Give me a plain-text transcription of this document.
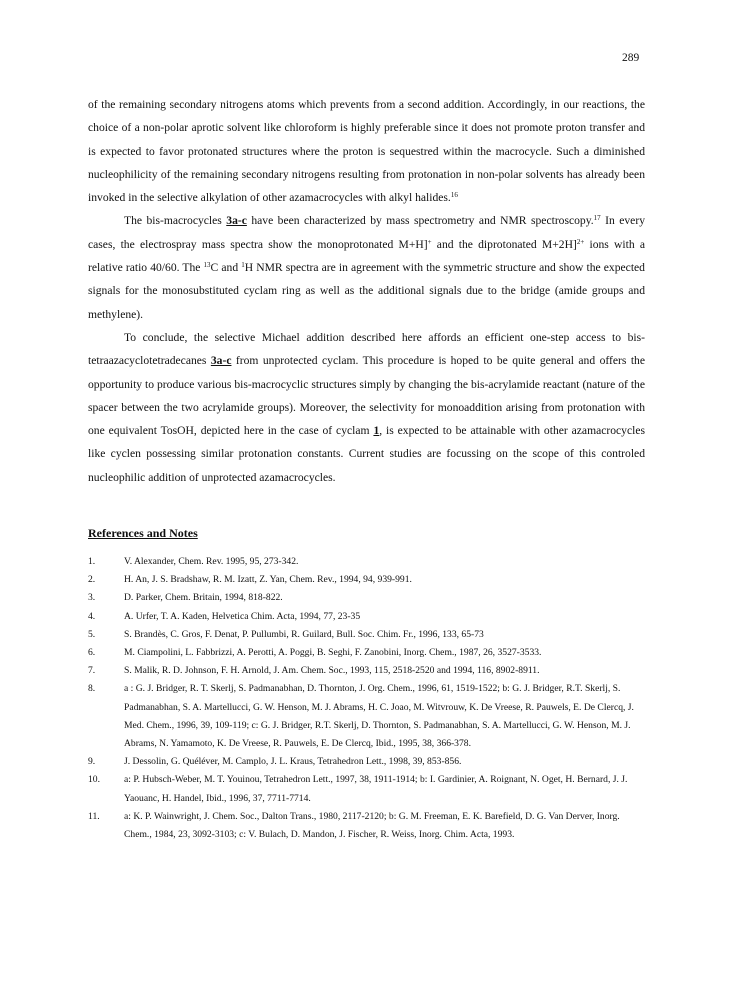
289

of the remaining secondary nitrogens atoms which prevents from a second addition. Accordingly, in our reactions, the choice of a non-polar aprotic solvent like chloroform is highly preferable since it does not promote proton transfer and is expected to favor protonated structures where the proton is sequestred within the macrocycle. Such a diminished nucleophilicity of the remaining secondary nitrogens resulting from protonation in non-polar solvents has already been invoked in the selective alkylation of other azamacrocycles with alkyl halides.$^{16}$

The bis-macrocycles 3a-c have been characterized by mass spectrometry and NMR spectroscopy.$^{17}$ In every cases, the electrospray mass spectra show the monoprotonated M+H]+ and the diprotonated M+2H]$^{2+}$ ions with a relative ratio 40/60. The $^{13}$C and $^1$H NMR spectra are in agreement with the symmetric structure and show the expected signals for the monosubstituted cyclam ring as well as the additional signals due to the bridge (amide groups and methylene).

To conclude, the selective Michael addition described here affords an efficient one-step access to bis-tetraazacyclotetradecanes 3a-c from unprotected cyclam. This procedure is hoped to be quite general and offers the opportunity to produce various bis-macrocyclic structures simply by changing the bis-acrylamide reactant (nature of the spacer between the two acrylamide groups). Moreover, the selectivity for monoaddition arising from protonation with one equivalent TosOH, depicted here in the case of cyclam 1, is expected to be attainable with other azamacrocycles like cyclen possessing similar protonation constants. Current studies are focussing on the scope of this controled nucleophilic addition of unprotected azamacrocycles.

References and Notes
1.	V. Alexander, Chem. Rev. 1995, 95, 273-342.
2.	H. An, J. S. Bradshaw, R. M. Izatt, Z. Yan, Chem. Rev., 1994, 94, 939-991.
3.	D. Parker, Chem. Britain, 1994, 818-822.
4.	A. Urfer, T. A. Kaden, Helvetica Chim. Acta, 1994, 77, 23-35
5.	S. Brandès, C. Gros, F. Denat, P. Pullumbi, R. Guilard, Bull. Soc. Chim. Fr., 1996, 133, 65-73
6.	M. Ciampolini, L. Fabbrizzi, A. Perotti, A. Poggi, B. Seghi, F. Zanobini, Inorg. Chem., 1987, 26, 3527-3533.
7.	S. Malik, R. D. Johnson, F. H. Arnold, J. Am. Chem. Soc., 1993, 115, 2518-2520 and 1994, 116, 8902-8911.
8.	a : G. J. Bridger, R. T. Skerlj, S. Padmanabhan, D. Thornton, J. Org. Chem., 1996, 61, 1519-1522; b: G. J. Bridger, R.T. Skerlj, S. Padmanabhan, S. A. Martellucci, G. W. Henson, M. J. Abrams, H. C. Joao, M. Witvrouw, K. De Vreese, R. Pauwels, E. De Clercq, J. Med. Chem., 1996, 39, 109-119; c: G. J. Bridger, R.T. Skerlj, D. Thornton, S. Padmanabhan, S. A. Martellucci, G. W. Henson, M. J. Abrams, N. Yamamoto, K. De Vreese, R. Pauwels, E. De Clercq, Ibid., 1995, 38, 366-378.
9.	J. Dessolin, G. Quéléver, M. Camplo, J. L. Kraus, Tetrahedron Lett., 1998, 39, 853-856.
10.	a: P. Hubsch-Weber, M. T. Youinou, Tetrahedron Lett., 1997, 38, 1911-1914; b: I. Gardinier, A. Roignant, N. Oget, H. Bernard, J. J. Yaouanc, H. Handel, Ibid., 1996, 37, 7711-7714.
11.	a: K. P. Wainwright, J. Chem. Soc., Dalton Trans., 1980, 2117-2120; b: G. M. Freeman, E. K. Barefield, D. G. Van Derver, Inorg. Chem., 1984, 23, 3092-3103; c: V. Bulach, D. Mandon, J. Fischer, R. Weiss, Inorg. Chim. Acta, 1993.
